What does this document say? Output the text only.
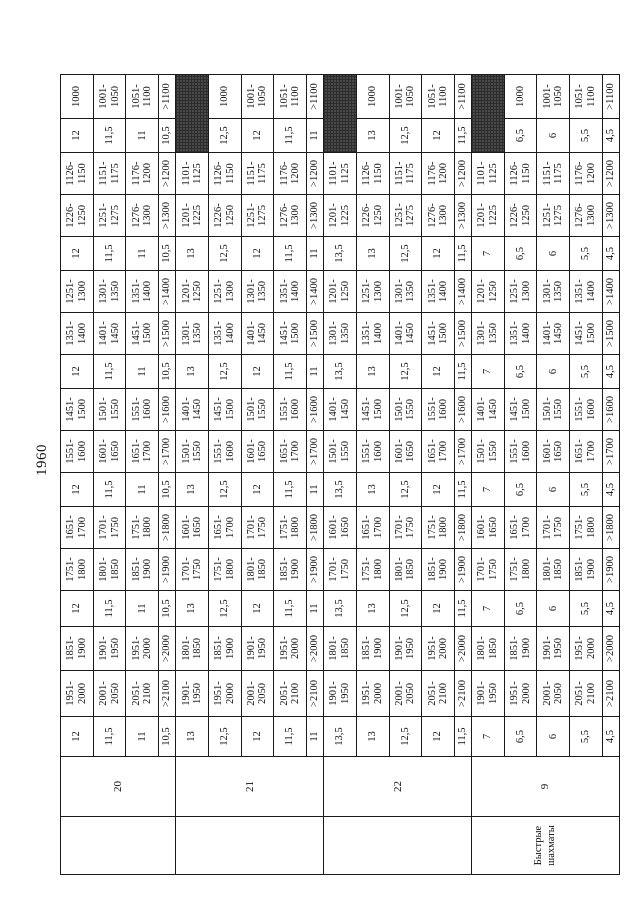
1960
	20	12	1951-2000	1851-1900	12	1751-1800	1651-1700	12	1551-1600	1451-1500	12	1351-1400	1251-1300	12	1226-1250	1126-1150	12	1000
		11,5	2001-2050	1901-1950	11,5	1801-1850	1701-1750	11,5	1601-1650	1501-1550	11,5	1401-1450	1301-1350	11,5	1251-1275	1151-1175	11,5	1001-1050
		11	2051-2100	1951-2000	11	1851-1900	1751-1800	11	1651-1700	1551-1600	11	1451-1500	1351-1400	11	1276-1300	1176-1200	11	1051-1100
		10,5	>2100	>2000	10,5	>1900	>1800	10,5	>1700	>1600	10,5	>1500	>1400	10,5	>1300	>1200	10,5	>1100
	21	13	1901-1950	1801-1850	13	1701-1750	1601-1650	13	1501-1550	1401-1450	13	1301-1350	1201-1250	13	1201-1225	1101-1125		
		12,5	1951-2000	1851-1900	12,5	1751-1800	1651-1700	12,5	1551-1600	1451-1500	12,5	1351-1400	1251-1300	12,5	1226-1250	1126-1150	12,5	1000
		12	2001-2050	1901-1950	12	1801-1850	1701-1750	12	1601-1650	1501-1550	12	1401-1450	1301-1350	12	1251-1275	1151-1175	12	1001-1050
		11,5	2051-2100	1951-2000	11,5	1851-1900	1751-1800	11,5	1651-1700	1551-1600	11,5	1451-1500	1351-1400	11,5	1276-1300	1176-1200	11,5	1051-1100
		11	>2100	>2000	11	>1900	>1800	11	>1700	>1600	11	>1500	>1400	11	>1300	>1200	11	>1100
	22	13,5	1901-1950	1801-1850	13,5	1701-1750	1601-1650	13,5	1501-1550	1401-1450	13,5	1301-1350	1201-1250	13,5	1201-1225	1101-1125		
		13	1951-2000	1851-1900	13	1751-1800	1651-1700	13	1551-1600	1451-1500	13	1351-1400	1251-1300	13	1226-1250	1126-1150	13	1000
		12,5	2001-2050	1901-1950	12,5	1801-1850	1701-1750	12,5	1601-1650	1501-1550	12,5	1401-1450	1301-1350	12,5	1251-1275	1151-1175	12,5	1001-1050
		12	2051-2100	1951-2000	12	1851-1900	1751-1800	12	1651-1700	1551-1600	12	1451-1500	1351-1400	12	1276-1300	1176-1200	12	1051-1100
		11,5	>2100	>2000	11,5	>1900	>1800	11,5	>1700	>1600	11,5	>1500	>1400	11,5	>1300	>1200	11,5	>1100
Быстрые шахматы	9	7	1901-1950	1801-1850	7	1701-1750	1601-1650	7	1501-1550	1401-1450	7	1301-1350	1201-1250	7	1201-1225	1101-1125		
		6,5	1951-2000	1851-1900	6,5	1751-1800	1651-1700	6,5	1551-1600	1451-1500	6,5	1351-1400	1251-1300	6,5	1226-1250	1126-1150	6,5	1000
		6	2001-2050	1901-1950	6	1801-1850	1701-1750	6	1601-1650	1501-1550	6	1401-1450	1301-1350	6	1251-1275	1151-1175	6	1001-1050
		5,5	2051-2100	1951-2000	5,5	1851-1900	1751-1800	5,5	1651-1700	1551-1600	5,5	1451-1500	1351-1400	5,5	1276-1300	1176-1200	5,5	1051-1100
		4,5	>2100	>2000	4,5	>1900	>1800	4,5	>1700	>1600	4,5	>1500	>1400	4,5	>1300	>1200	4,5	>1100
